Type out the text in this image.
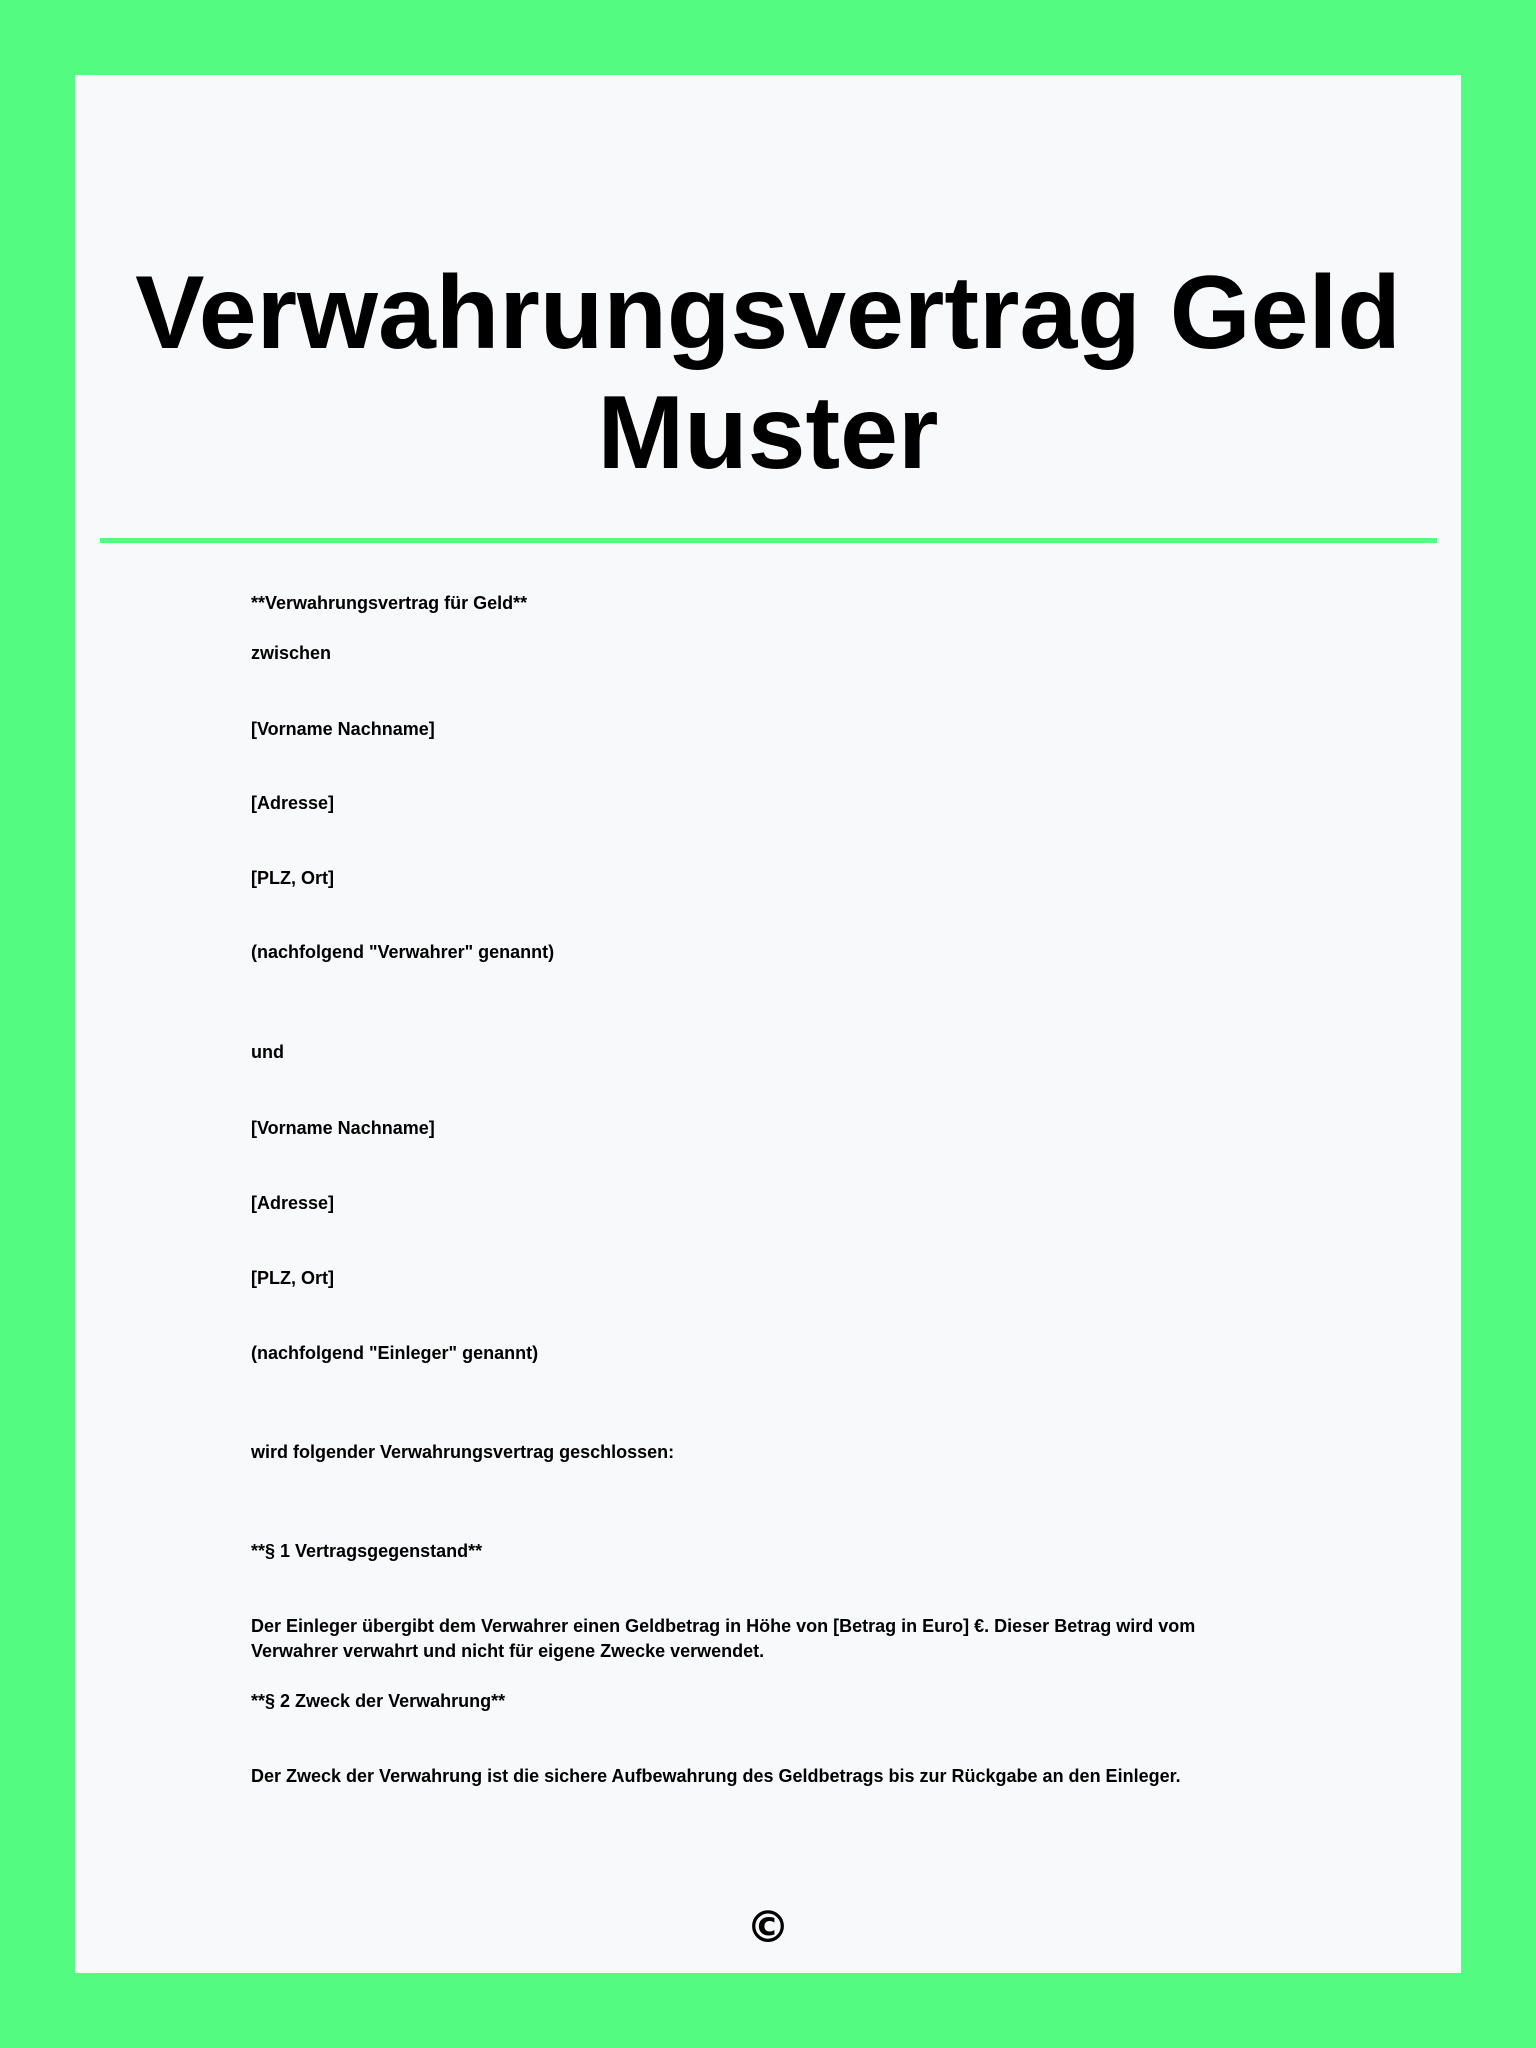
Verwahrungsvertrag Geld
Muster

**Verwahrungsvertrag für Geld**

zwischen

[Vorname Nachname]

[Adresse]

[PLZ, Ort]

(nachfolgend "Verwahrer" genannt)

und

[Vorname Nachname]

[Adresse]

[PLZ, Ort]

(nachfolgend "Einleger" genannt)

wird folgender Verwahrungsvertrag geschlossen:

**§ 1 Vertragsgegenstand**

Der Einleger übergibt dem Verwahrer einen Geldbetrag in Höhe von [Betrag in Euro] €. Dieser Betrag wird vom Verwahrer verwahrt und nicht für eigene Zwecke verwendet.

**§ 2 Zweck der Verwahrung**

Der Zweck der Verwahrung ist die sichere Aufbewahrung des Geldbetrags bis zur Rückgabe an den Einleger.

©
